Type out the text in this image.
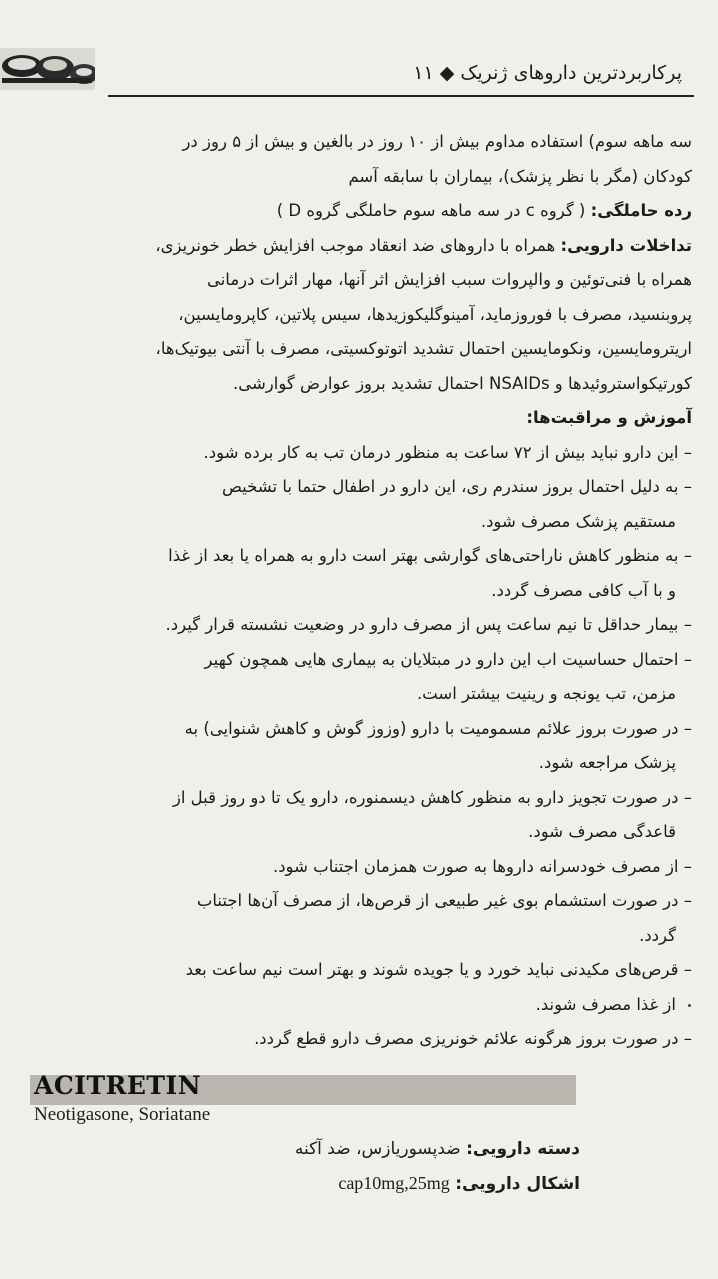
پرکاربردترین داروهای ژنریک ◆ ۱۱
سه ماهه سوم) استفاده مداوم بیش از ۱۰ روز در بالغین و بیش از ۵ روز در
کودکان (مگر با نظر پزشک)، بیماران با سابقه آسم
رده حاملگی: ( گروه c در سه ماهه سوم حاملگی گروه D )
تداخلات دارویی: همراه با داروهای ضد انعقاد موجب افزایش خطر خونریزی،
همراه با فنی‌توئین و والپروات سبب افزایش اثر آنها، مهار اثرات درمانی
پروبنسید، مصرف با فوروزماید، آمینوگلیکوزیدها، سیس پلاتین، کاپرومایسین،
اریترومایسین، ونکومایسین احتمال تشدید اتوتوکسیتی، مصرف با آنتی بیوتیک‌ها،
کورتیکواستروئیدها و NSAIDs احتمال تشدید بروز عوارض گوارشی.
آموزش و مراقبت‌ها:
– این دارو نباید بیش از ۷۲ ساعت به منظور درمان تب به کار برده شود.
– به دلیل احتمال بروز سندرم ری، این دارو در اطفال حتما با تشخیص
مستقیم پزشک مصرف شود.
– به منظور کاهش ناراحتی‌های گوارشی بهتر است دارو به همراه یا بعد از غذا
و با آب کافی مصرف گردد.
– بیمار حداقل تا نیم ساعت پس از مصرف دارو در وضعیت نشسته قرار گیرد.
– احتمال حساسیت اب این دارو در مبتلایان به بیماری هایی همچون کهیر
مزمن، تب یونجه و رینیت بیشتر است.
– در صورت بروز علائم مسمومیت با دارو (وزوز گوش و کاهش شنوایی) به
پزشک مراجعه شود.
– در صورت تجویز دارو به منظور کاهش دیسمنوره، دارو یک تا دو روز قبل از
قاعدگی مصرف شود.
– از مصرف خودسرانه داروها به صورت همزمان اجتناب شود.
– در صورت استشمام بوی غیر طبیعی از قرص‌ها، از مصرف آن‌ها اجتناب
گردد.
– قرص‌های مکیدنی نباید خورد و یا جویده شوند و بهتر است نیم ساعت بعد
از غذا مصرف شوند.
– در صورت بروز هرگونه علائم خونریزی مصرف دارو قطع گردد.
ACITRETIN
Neotigasone, Soriatane
دسته دارویی: ضدپسوریازس، ضد آکنه
اشکال دارویی: cap10mg,25mg
